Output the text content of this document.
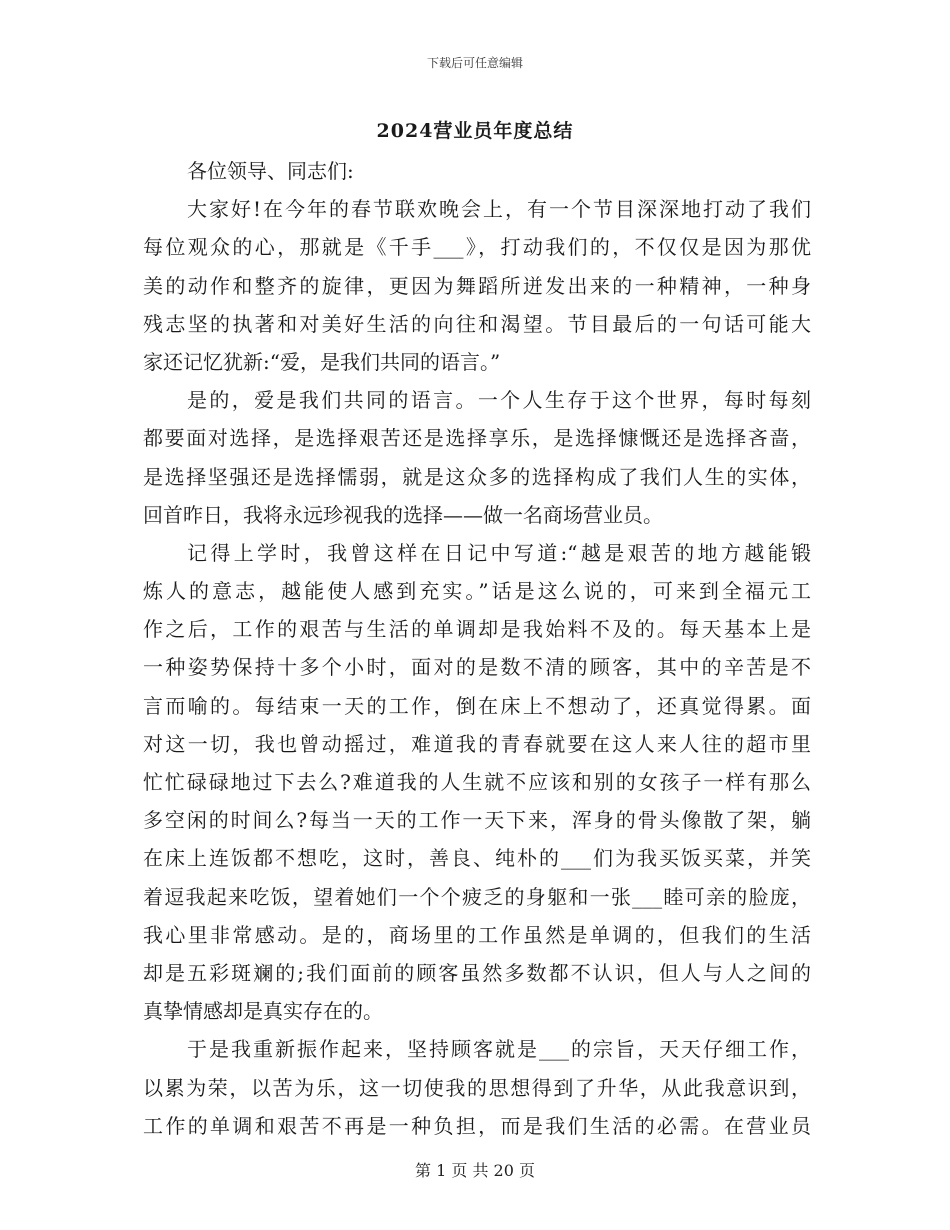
下载后可任意编辑
2024营业员年度总结
各位领导、同志们:
大家好!在今年的春节联欢晚会上，有一个节目深深地打动了我们
每位观众的心，那就是《千手___》，打动我们的，不仅仅是因为那优
美的动作和整齐的旋律，更因为舞蹈所迸发出来的一种精神，一种身
残志坚的执著和对美好生活的向往和渴望。节目最后的一句话可能大
家还记忆犹新:“爱，是我们共同的语言。”
是的，爱是我们共同的语言。一个人生存于这个世界，每时每刻
都要面对选择，是选择艰苦还是选择享乐，是选择慷慨还是选择吝啬，
是选择坚强还是选择懦弱，就是这众多的选择构成了我们人生的实体，
回首昨日，我将永远珍视我的选择——做一名商场营业员。
记得上学时，我曾这样在日记中写道:“越是艰苦的地方越能锻
炼人的意志，越能使人感到充实。”话是这么说的，可来到全福元工
作之后，工作的艰苦与生活的单调却是我始料不及的。每天基本上是
一种姿势保持十多个小时，面对的是数不清的顾客，其中的辛苦是不
言而喻的。每结束一天的工作，倒在床上不想动了，还真觉得累。面
对这一切，我也曾动摇过，难道我的青春就要在这人来人往的超市里
忙忙碌碌地过下去么?难道我的人生就不应该和别的女孩子一样有那么
多空闲的时间么?每当一天的工作一天下来，浑身的骨头像散了架，躺
在床上连饭都不想吃，这时，善良、纯朴的___们为我买饭买菜，并笑
着逗我起来吃饭，望着她们一个个疲乏的身躯和一张___睦可亲的脸庞，
我心里非常感动。是的，商场里的工作虽然是单调的，但我们的生活
却是五彩斑斓的;我们面前的顾客虽然多数都不认识，但人与人之间的
真挚情感却是真实存在的。
于是我重新振作起来，坚持顾客就是___的宗旨，天天仔细工作，
以累为荣，以苦为乐，这一切使我的思想得到了升华，从此我意识到，
工作的单调和艰苦不再是一种负担，而是我们生活的必需。在营业员
第 1 页 共 20 页
